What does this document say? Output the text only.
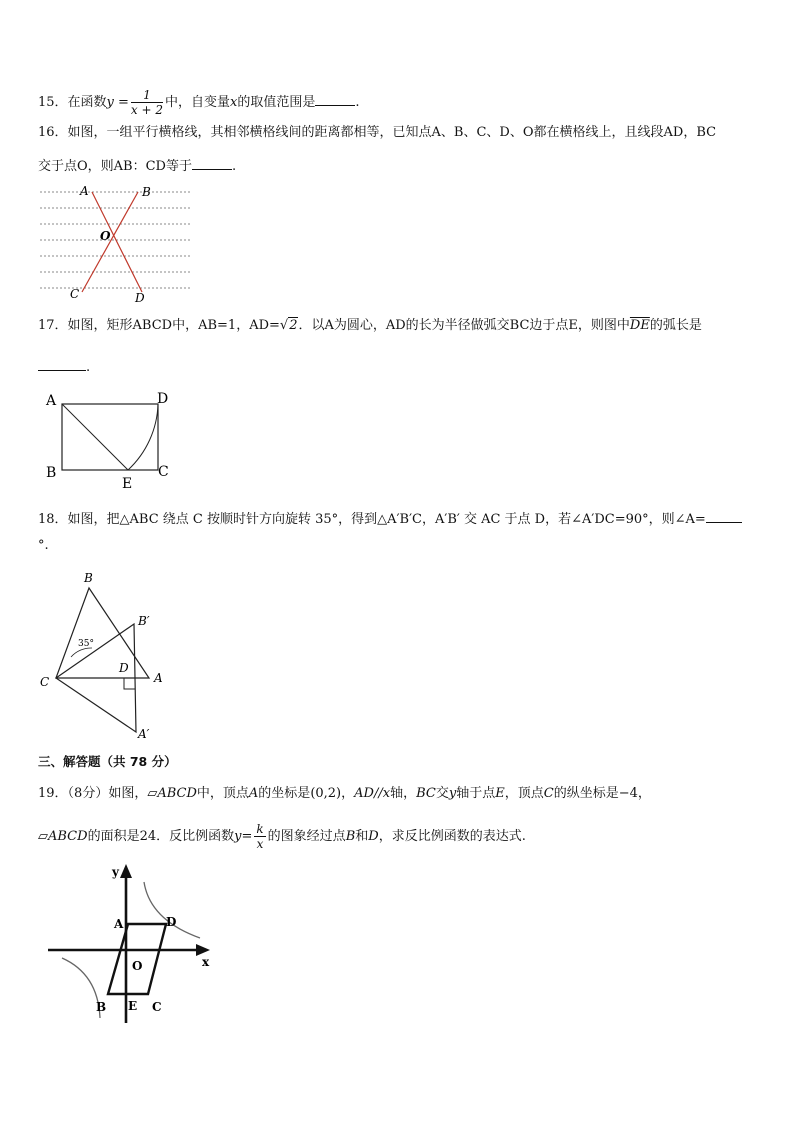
15．在函数$y = \frac{1}{x + 2}$ 中，自变量x的取值范围是	.
16．如图，一组平行横格线，其相邻横格线间的距离都相等，已知点A、B、C、D、O都在横格线上，且线段AD，BC
交于点O，则AB：CD等于	.
A	B
O
C	D
17．如图，矩形ABCD中，AB=1，AD=√2．以A为圆心，AD的长为半径做弧交BC边于点E，则图中$\overline{DE}$的弧长是
.
A	D
B	C
E
18．如图，把△ABC 绕点 C 按顺时针方向旋转 35°，得到△A′B′C，A′B′ 交 AC 于点 D，若∠A′DC=90°，则∠A=
°.
B
B′
35°
D
C	A
A′
三、解答题（共 78 分）
19．（8分）如图，▱ABCD中，顶点A的坐标是(0,2)，AD//x轴，BC交y轴于点E，顶点C的纵坐标是−4，
▱ABCD的面积是24．反比例函数$y= \frac{k}{x}$ 的图象经过点B和D，求反比例函数的表达式.
y
x
A	D
O
B E C
